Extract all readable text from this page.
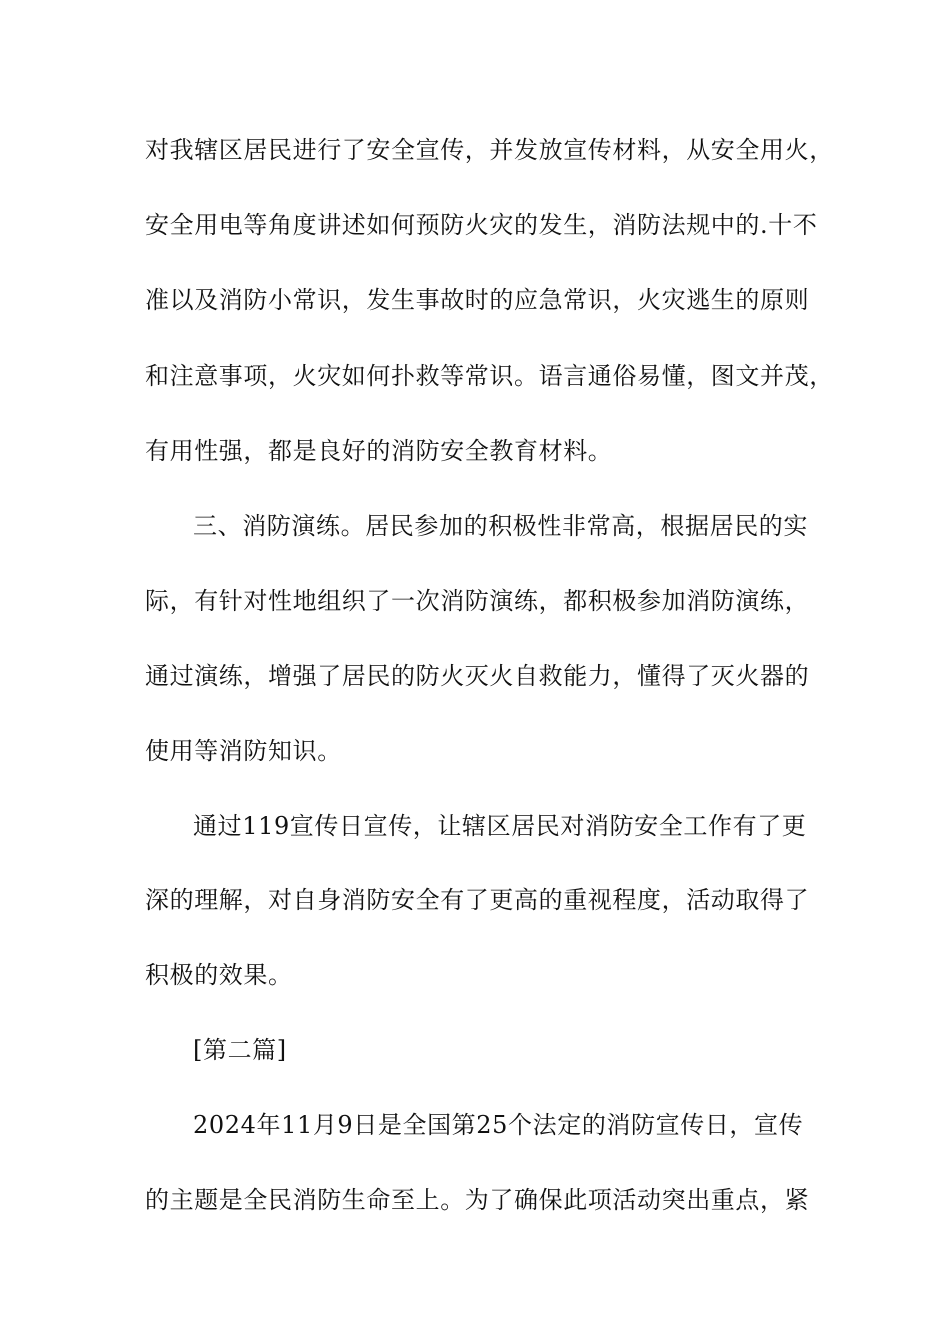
对我辖区居民进行了安全宣传，并发放宣传材料，从安全用火，
安全用电等角度讲述如何预防火灾的发生，消防法规中的.十不
准以及消防小常识，发生事故时的应急常识，火灾逃生的原则
和注意事项，火灾如何扑救等常识。语言通俗易懂，图文并茂，
有用性强，都是良好的消防安全教育材料。
三、消防演练。居民参加的积极性非常高，根据居民的实
际，有针对性地组织了一次消防演练，都积极参加消防演练，
通过演练，增强了居民的防火灭火自救能力，懂得了灭火器的
使用等消防知识。
通过119宣传日宣传，让辖区居民对消防安全工作有了更
深的理解，对自身消防安全有了更高的重视程度，活动取得了
积极的效果。
[第二篇]
2024年11月9日是全国第25个法定的消防宣传日，宣传
的主题是全民消防生命至上。为了确保此项活动突出重点，紧
